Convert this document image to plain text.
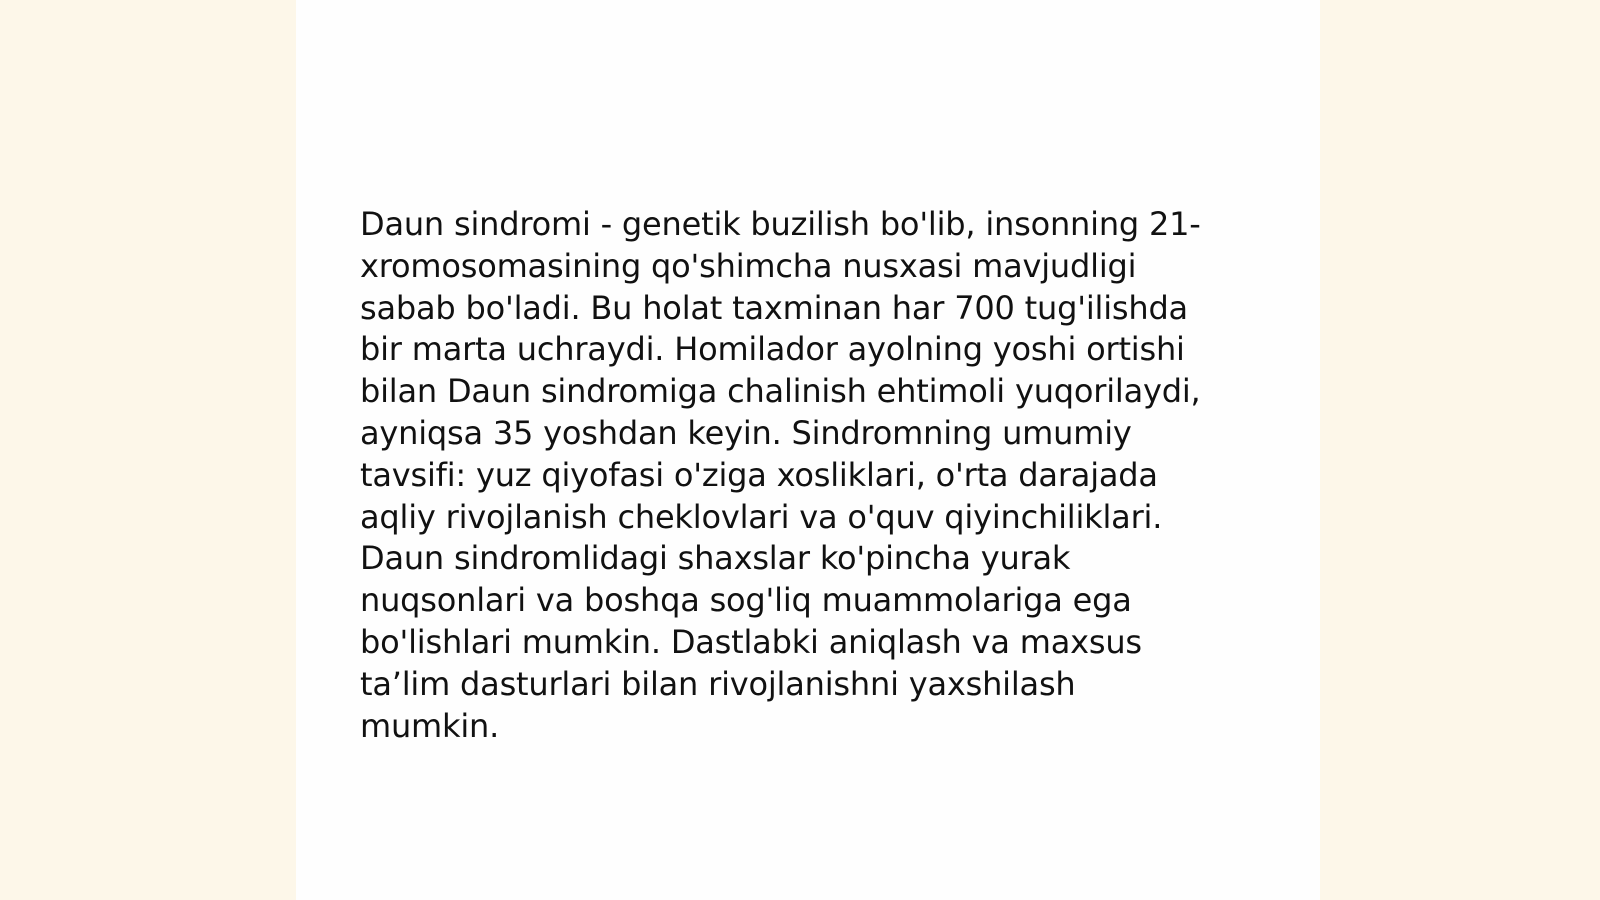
Daun sindromi - genetik buzilish bo'lib, insonning 21-
xromosomasining qo'shimcha nusxasi mavjudligi
sabab bo'ladi. Bu holat taxminan har 700 tug'ilishda
bir marta uchraydi. Homilador ayolning yoshi ortishi
bilan Daun sindromiga chalinish ehtimoli yuqorilaydi,
ayniqsa 35 yoshdan keyin. Sindromning umumiy
tavsifi: yuz qiyofasi o'ziga xosliklari, o'rta darajada
aqliy rivojlanish cheklovlari va o'quv qiyinchiliklari.
Daun sindromlidagi shaxslar ko'pincha yurak
nuqsonlari va boshqa sog'liq muammolariga ega
bo'lishlari mumkin. Dastlabki aniqlash va maxsus
ta’lim dasturlari bilan rivojlanishni yaxshilash
mumkin.
